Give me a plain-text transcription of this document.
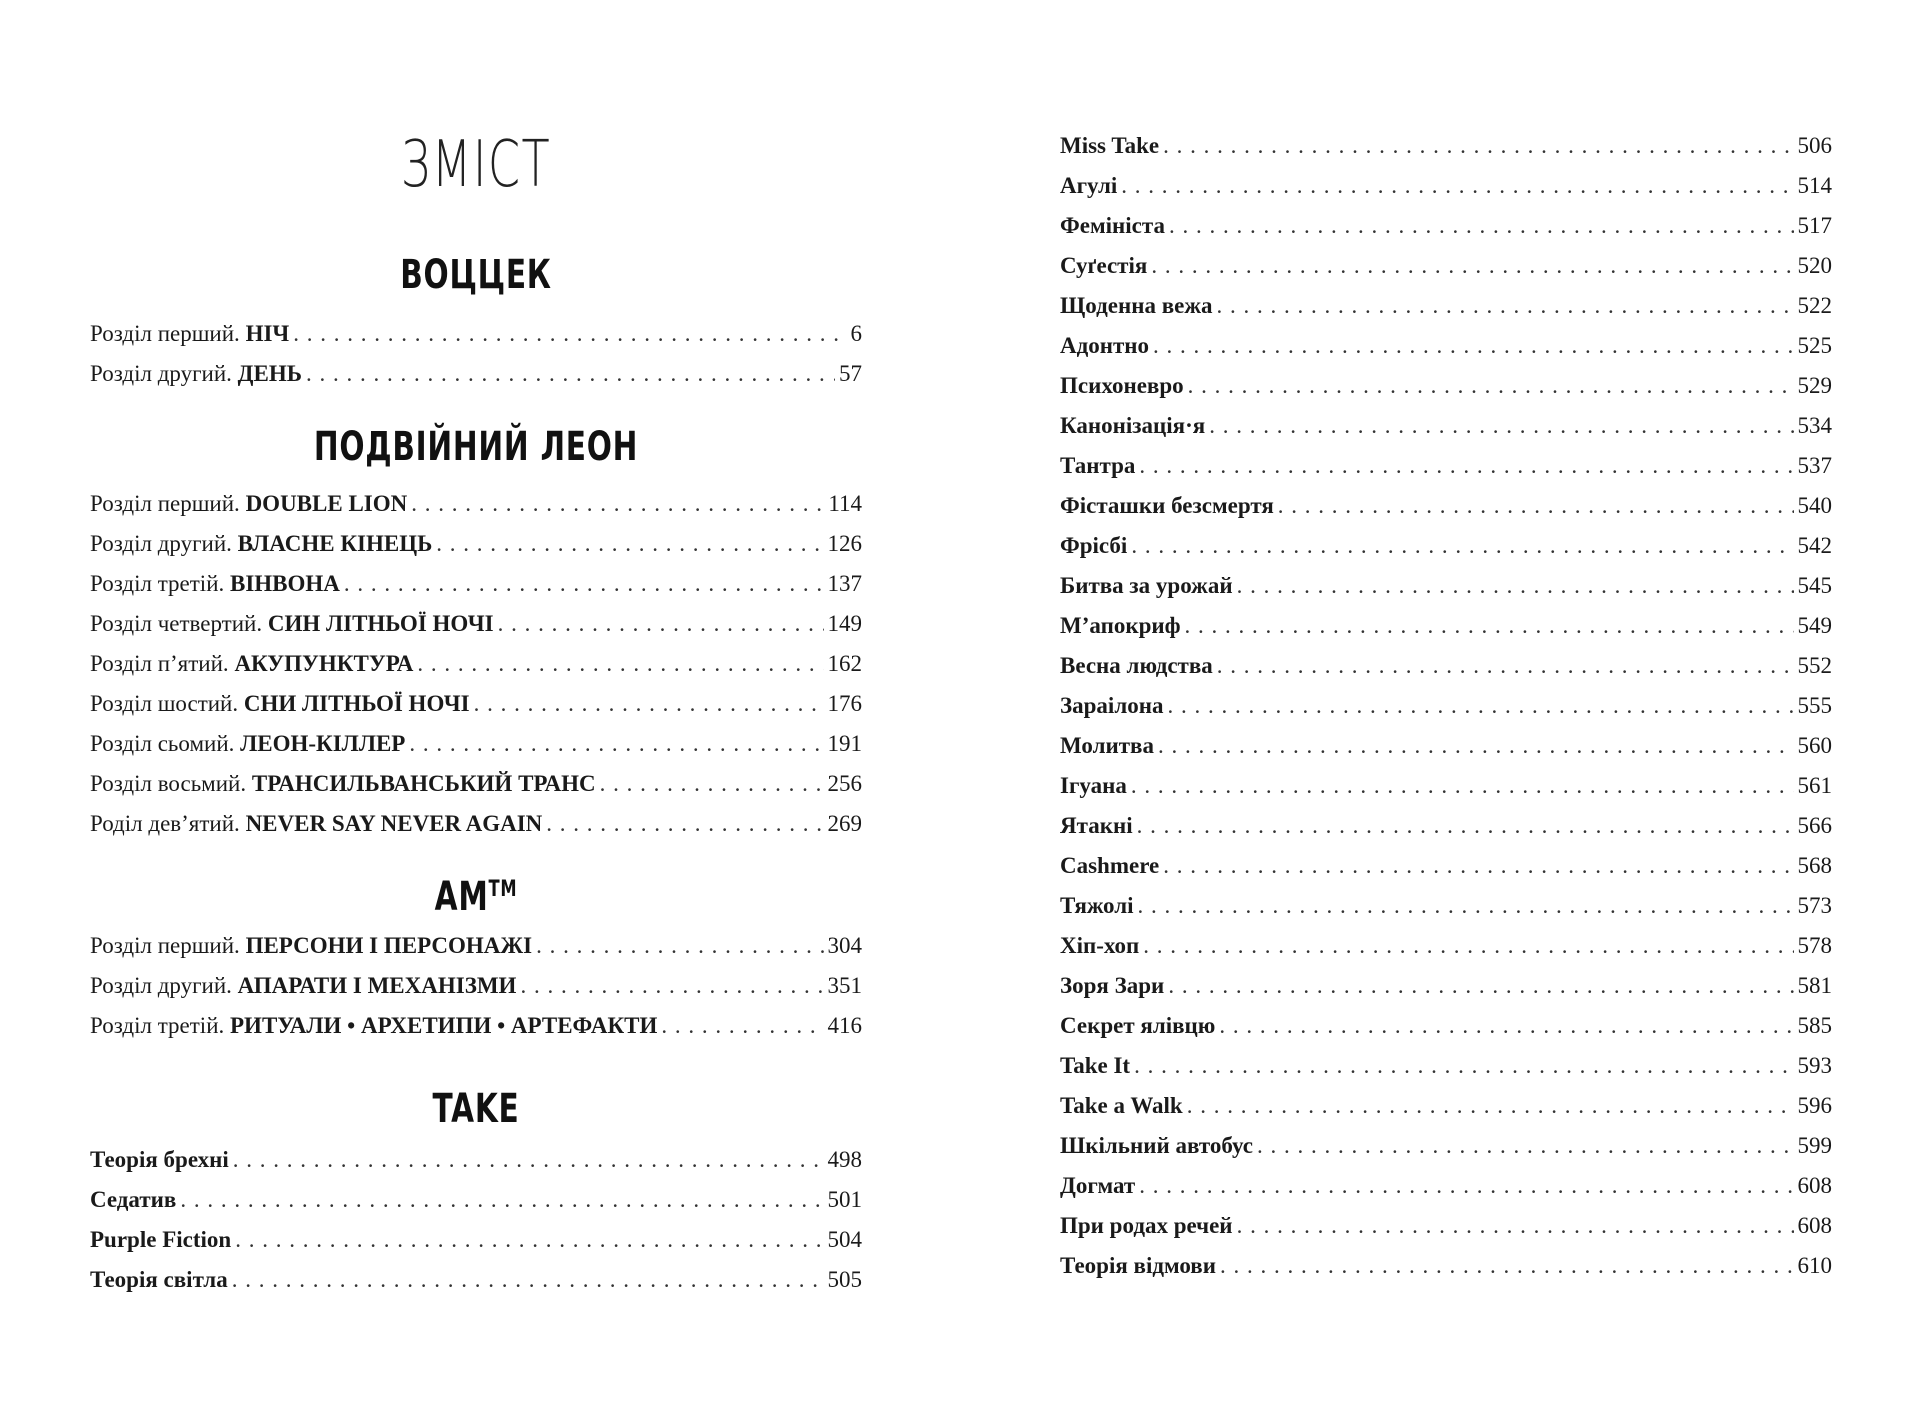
ЗМІСТ
ВОЦЦЕК
Розділ перший. НІЧ . . .	6
Розділ другий. ДЕНЬ . . .	57
ПОДВІЙНИЙ ЛЕОН
Розділ перший. DOUBLE LION . . .	114
Розділ другий. ВЛАСНЕ КІНЕЦЬ . . .	126
Розділ третій. ВІНВОНА . . .	137
Розділ четвертий. СИН ЛІТНЬОЇ НОЧІ . . .	149
Розділ п’ятий. АКУПУНКТУРА . . .	162
Розділ шостий. СНИ ЛІТНЬОЇ НОЧІ . . .	176
Розділ сьомий. ЛЕОН-КІЛЛЕР . . .	191
Розділ восьмий. ТРАНСИЛЬВАНСЬКИЙ ТРАНС . . .	256
Роділ дев’ятий. NEVER SAY NEVER AGAIN . . .	269
АМ™
Розділ перший. ПЕРСОНИ І ПЕРСОНАЖІ . . .	304
Розділ другий. АПАРАТИ І МЕХАНІЗМИ . . .	351
Розділ третій. РИТУАЛИ • АРХЕТИПИ • АРТЕФАКТИ . . .	416
TAKE
Теорія брехні . . .	498
Седатив . . .	501
Purple Fiction . . .	504
Теорія світла . . .	505
Miss Take . . .	506
Агулі . . .	514
Фемініста . . .	517
Суґестія . . .	520
Щоденна вежа . . .	522
Адонтно . . .	525
Психоневро . . .	529
Канонізація·я . . .	534
Тантра . . .	537
Фісташки безсмертя . . .	540
Фрісбі . . .	542
Битва за урожай . . .	545
М’апокриф . . .	549
Весна людства . . .	552
Зараілона . . .	555
Молитва . . .	560
Ігуана . . .	561
Ятакні . . .	566
Cashmere . . .	568
Тяжолі . . .	573
Хіп-хоп . . .	578
Зоря Зари . . .	581
Секрет ялівцю . . .	585
Take It . . .	593
Take a Walk . . .	596
Шкільний автобус . . .	599
Догмат . . .	608
При родах речей . . .	608
Теорія відмови . . .	610
